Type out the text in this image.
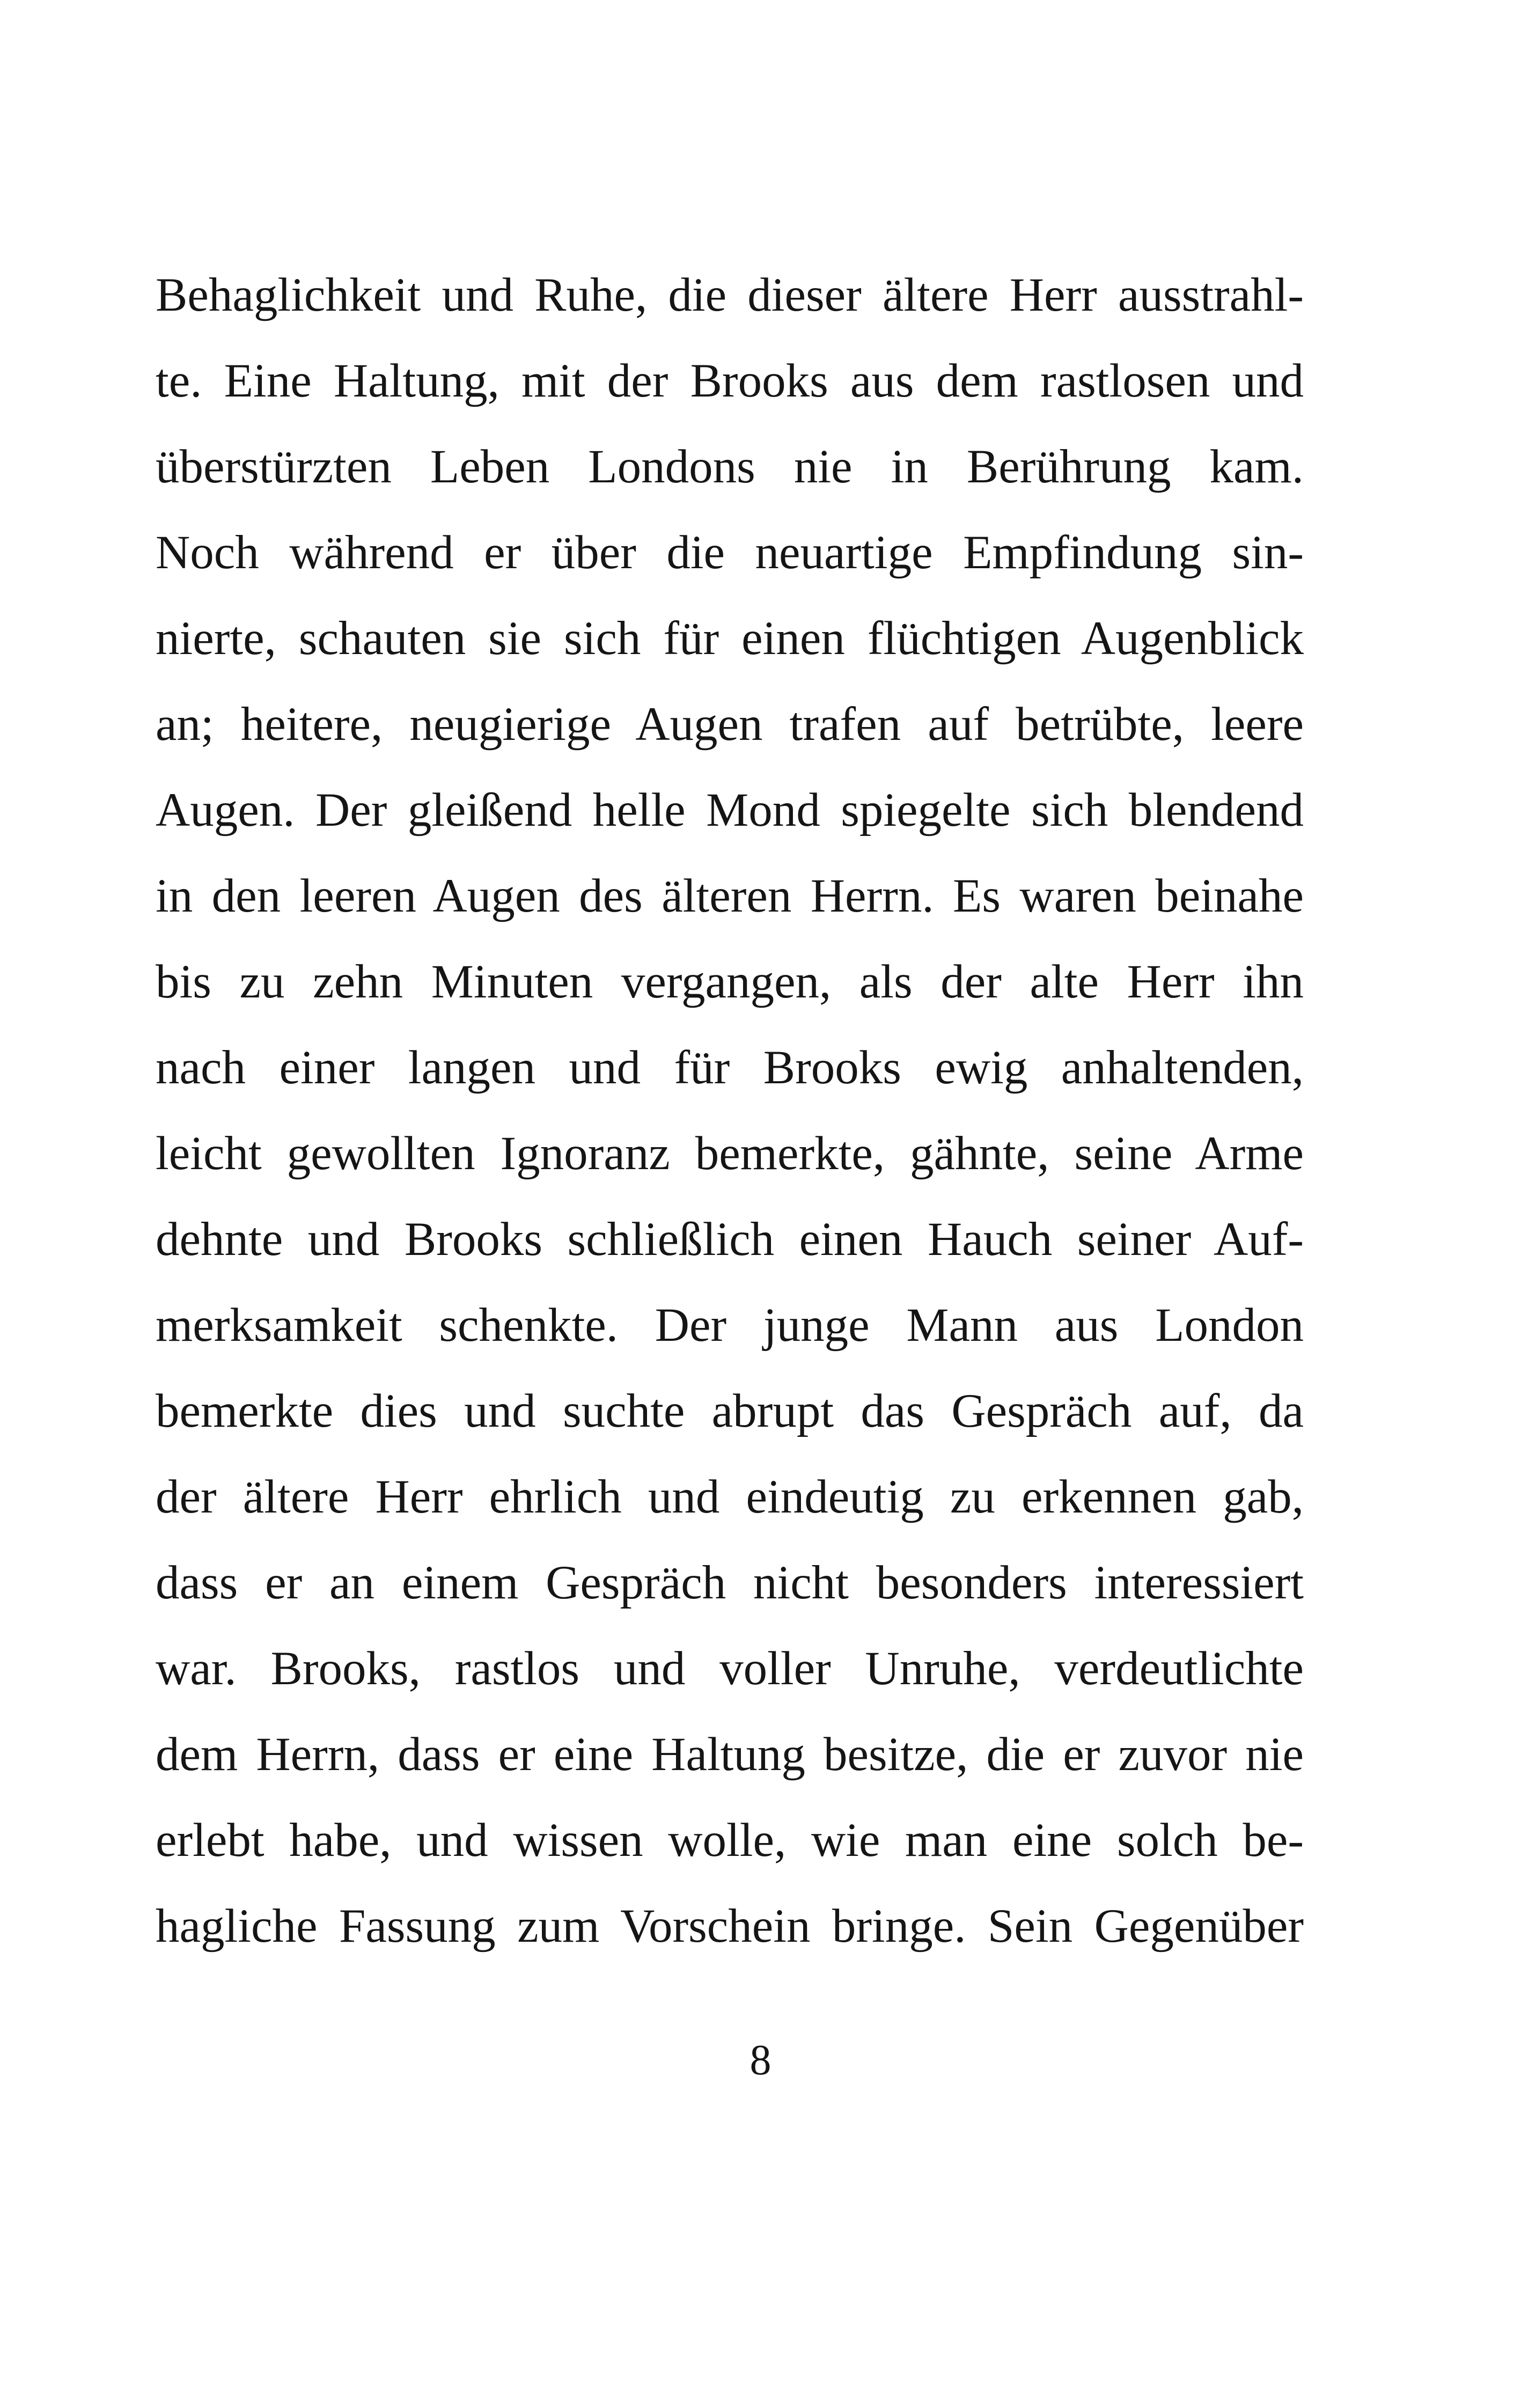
Behaglichkeit und Ruhe, die dieser ältere Herr ausstrahl-
te. Eine Haltung, mit der Brooks aus dem rastlosen und
überstürzten Leben Londons nie in Berührung kam.
Noch während er über die neuartige Empfindung sin-
nierte, schauten sie sich für einen flüchtigen Augenblick
an; heitere, neugierige Augen trafen auf betrübte, leere
Augen. Der gleißend helle Mond spiegelte sich blendend
in den leeren Augen des älteren Herrn. Es waren beinahe
bis zu zehn Minuten vergangen, als der alte Herr ihn
nach einer langen und für Brooks ewig anhaltenden,
leicht gewollten Ignoranz bemerkte, gähnte, seine Arme
dehnte und Brooks schließlich einen Hauch seiner Auf-
merksamkeit schenkte. Der junge Mann aus London
bemerkte dies und suchte abrupt das Gespräch auf, da
der ältere Herr ehrlich und eindeutig zu erkennen gab,
dass er an einem Gespräch nicht besonders interessiert
war. Brooks, rastlos und voller Unruhe, verdeutlichte
dem Herrn, dass er eine Haltung besitze, die er zuvor nie
erlebt habe, und wissen wolle, wie man eine solch be-
hagliche Fassung zum Vorschein bringe. Sein Gegenüber
8
